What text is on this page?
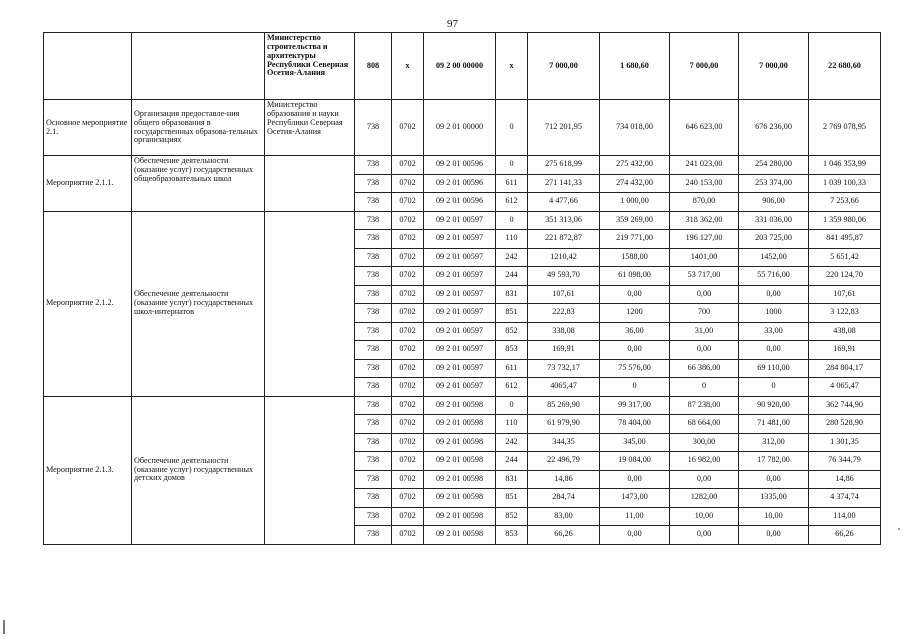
97
		Министерство строительства и архитектуры Республики Северная Осетия-Алания	808	x	09 2 00 00000	x	7 000,00	1 680,60	7 000,00	7 000,00	22 680,60
Основное мероприятие 2.1.	Организация предоставле-ния общего образования в государственных образова-тельных организациях	Министерство образования и науки Республики Северная Осетия-Алания	738	0702	09 2 01 00000	0	712 201,95	734 018,00	646 623,00	676 236,00	2 769 078,95
Мероприятие 2.1.1.	Обеспечение деятельности (оказание услуг) государственных общеобразовательных школ		738	0702	09 2 01 00596	0	275 618,99	275 432,00	241 023,00	254 280,00	1 046 353,99
			738	0702	09 2 01 00596	611	271 141,33	274 432,00	240 153,00	253 374,00	1 039 100,33
			738	0702	09 2 01 00596	612	4 477,66	1 000,00	870,00	906,00	7 253,66
Мероприятие 2.1.2.	Обеспечение деятельности (оказание услуг) государственных школ-интернатов		738	0702	09 2 01 00597	0	351 313,06	359 269,00	318 362,00	331 036,00	1 359 980,06
			738	0702	09 2 01 00597	110	221 872,87	219 771,00	196 127,00	203 725,00	841 495,87
			738	0702	09 2 01 00597	242	1210,42	1588,00	1401,00	1452,00	5 651,42
			738	0702	09 2 01 00597	244	49 593,70	61 098,00	53 717,00	55 716,00	220 124,70
			738	0702	09 2 01 00597	831	107,61	0,00	0,00	0,00	107,61
			738	0702	09 2 01 00597	851	222,83	1200	700	1000	3 122,83
			738	0702	09 2 01 00597	852	338,08	36,00	31,00	33,00	438,08
			738	0702	09 2 01 00597	853	169,91	0,00	0,00	0,00	169,91
			738	0702	09 2 01 00597	611	73 732,17	75 576,00	66 386,00	69 110,00	284 804,17
			738	0702	09 2 01 00597	612	4065,47	0	0	0	4 065,47
Мероприятие 2.1.3.	Обеспечение деятельности (оказание услуг) государственных детских домов		738	0702	09 2 01 00598	0	85 269,90	99 317,00	87 238,00	90 920,00	362 744,90
			738	0702	09 2 01 00598	110	61 979,90	78 404,00	68 664,00	71 481,00	280 528,90
			738	0702	09 2 01 00598	242	344,35	345,00	300,00	312,00	1 301,35
			738	0702	09 2 01 00598	244	22 496,79	19 084,00	16 982,00	17 782,00	76 344,79
			738	0702	09 2 01 00598	831	14,86	0,00	0,00	0,00	14,86
			738	0702	09 2 01 00598	851	284,74	1473,00	1282,00	1335,00	4 374,74
			738	0702	09 2 01 00598	852	83,00	11,00	10,00	10,00	114,00
			738	0702	09 2 01 00598	853	66,26	0,00	0,00	0,00	66,26
